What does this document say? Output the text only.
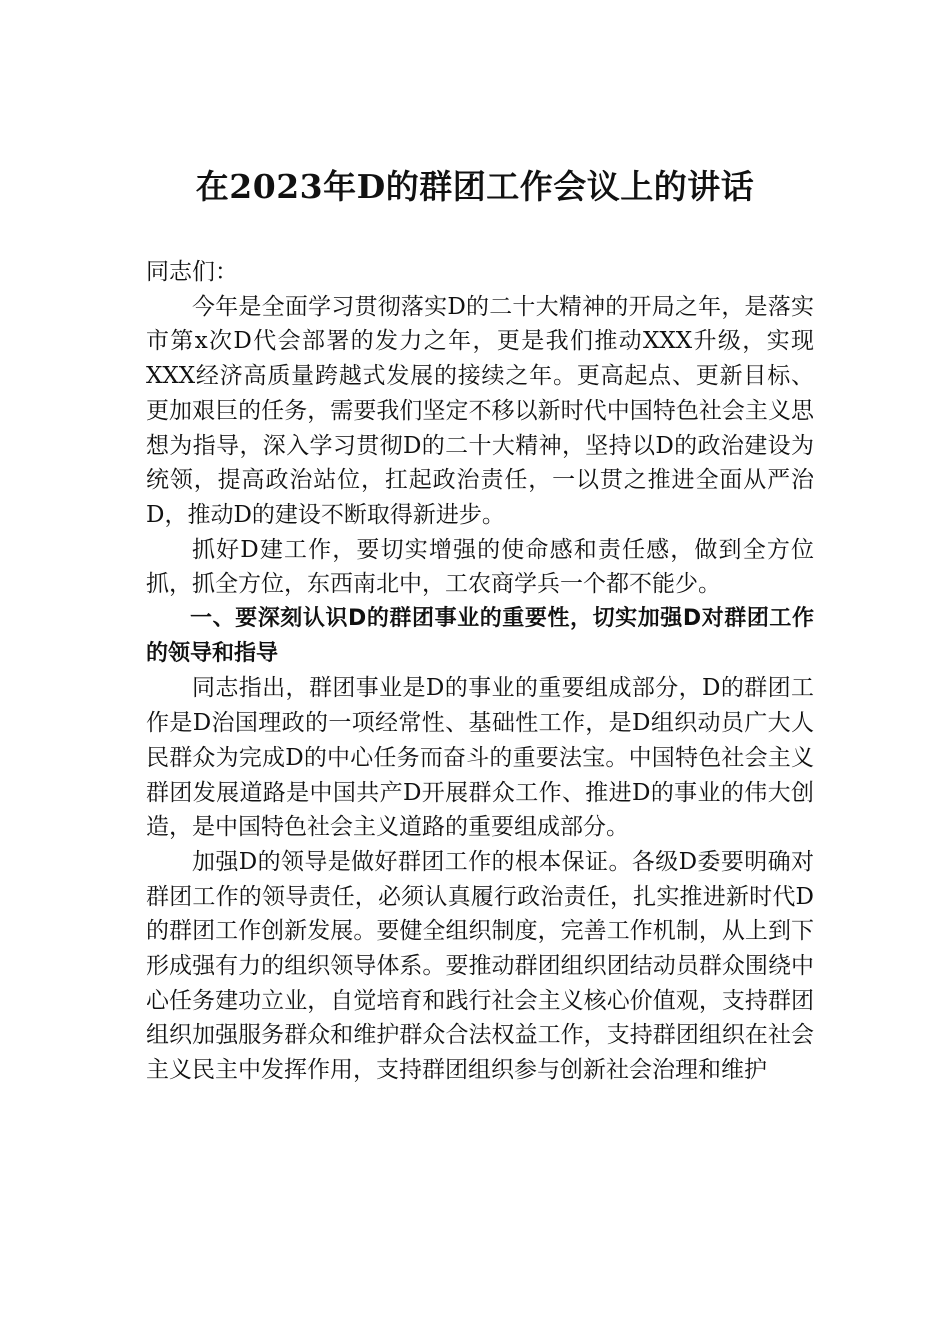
在2023年D的群团工作会议上的讲话

同志们：

今年是全面学习贯彻落实D的二十大精神的开局之年，是落实市第x次D代会部署的发力之年，更是我们推动XXX升级，实现XXX经济高质量跨越式发展的接续之年。更高起点、更新目标、更加艰巨的任务，需要我们坚定不移以新时代中国特色社会主义思想为指导，深入学习贯彻D的二十大精神，坚持以D的政治建设为统领，提高政治站位，扛起政治责任，一以贯之推进全面从严治D，推动D的建设不断取得新进步。

抓好D建工作，要切实增强的使命感和责任感，做到全方位抓，抓全方位，东西南北中，工农商学兵一个都不能少。

一、要深刻认识D的群团事业的重要性，切实加强D对群团工作的领导和指导

同志指出，群团事业是D的事业的重要组成部分，D的群团工作是D治国理政的一项经常性、基础性工作，是D组织动员广大人民群众为完成D的中心任务而奋斗的重要法宝。中国特色社会主义群团发展道路是中国共产D开展群众工作、推进D的事业的伟大创造，是中国特色社会主义道路的重要组成部分。

加强D的领导是做好群团工作的根本保证。各级D委要明确对群团工作的领导责任，必须认真履行政治责任，扎实推进新时代D的群团工作创新发展。要健全组织制度，完善工作机制，从上到下形成强有力的组织领导体系。要推动群团组织团结动员群众围绕中心任务建功立业，自觉培育和践行社会主义核心价值观，支持群团组织加强服务群众和维护群众合法权益工作，支持群团组织在社会主义民主中发挥作用，支持群团组织参与创新社会治理和维护
